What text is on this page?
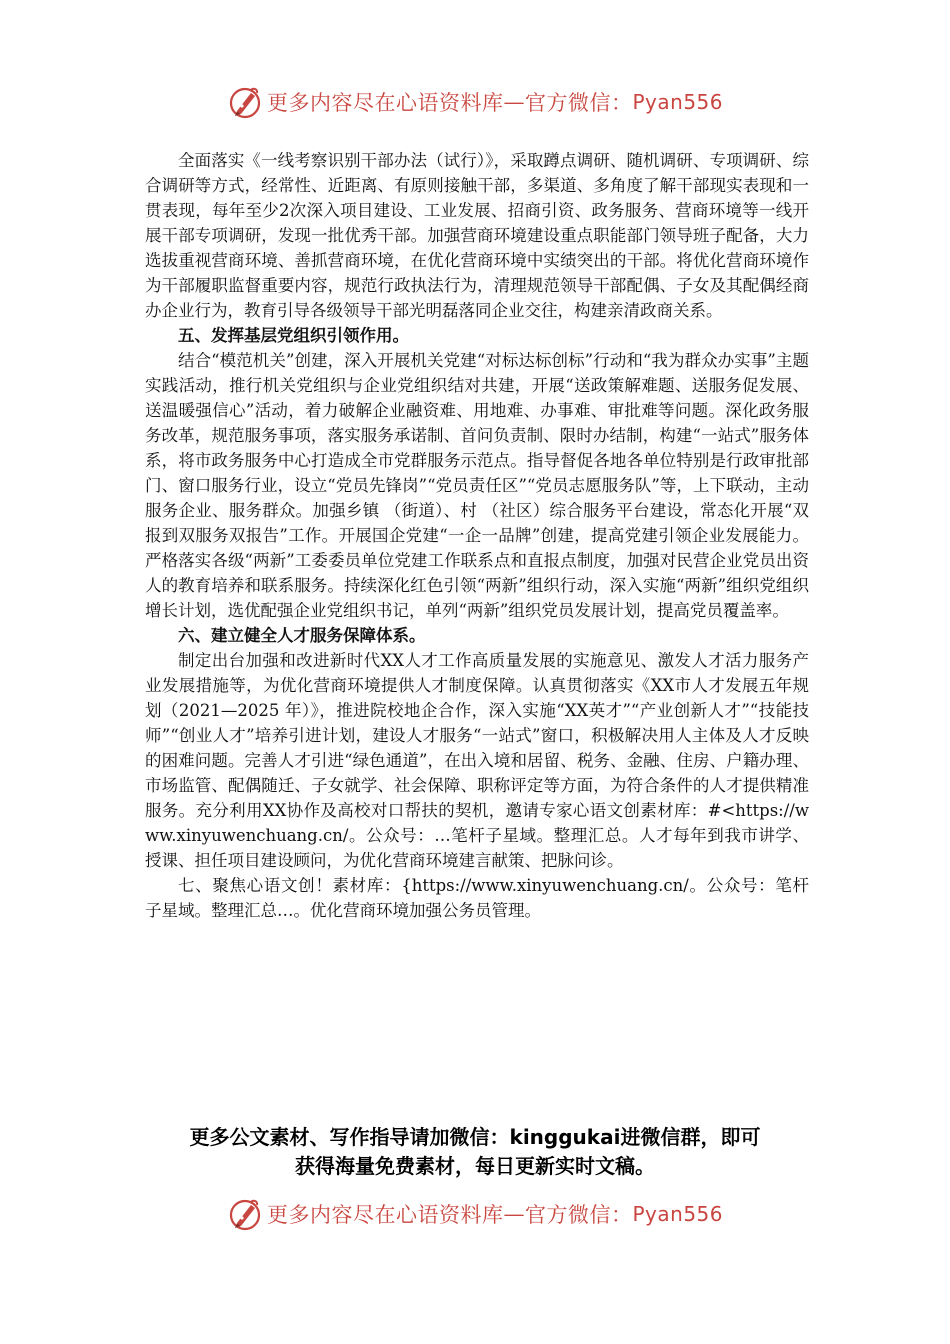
更多内容尽在心语资料库 — 官方微信： Pyan556

全面落实《一线考察识别干部办法（试行）》，采取蹲点调研、随机调研、专项调研、综合调研等方式，经常性、近距离、有原则接触干部，多渠道、多角度了解干部现实表现和一贯表现，每年至少2次深入项目建设、工业发展、招商引资、政务服务、营商环境等一线开展干部专项调研，发现一批优秀干部。加强营商环境建设重点职能部门领导班子配备，大力选拔重视营商环境、善抓营商环境，在优化营商环境中实绩突出的干部。将优化营商环境作为干部履职监督重要内容，规范行政执法行为，清理规范领导干部配偶、子女及其配偶经商办企业行为，教育引导各级领导干部光明磊落同企业交往，构建亲清政商关系。

五、发挥基层党组织引领作用。

结合“模范机关”创建，深入开展机关党建“对标达标创标”行动和“我为群众办实事”主题实践活动，推行机关党组织与企业党组织结对共建，开展“送政策解难题、送服务促发展、送温暖强信心”活动，着力破解企业融资难、用地难、办事难、审批难等问题。深化政务服务改革，规范服务事项，落实服务承诺制、首问负责制、限时办结制，构建“一站式”服务体系，将市政务服务中心打造成全市党群服务示范点。指导督促各地各单位特别是行政审批部门、窗口服务行业，设立“党员先锋岗”“党员责任区”“党员志愿服务队”等，上下联动，主动服务企业、服务群众。加强乡镇 （街道）、村 （社区）综合服务平台建设，常态化开展“双报到双服务双报告”工作。开展国企党建“一企一品牌”创建，提高党建引领企业发展能力。严格落实各级“两新”工委委员单位党建工作联系点和直报点制度，加强对民营企业党员出资人的教育培养和联系服务。持续深化红色引领“两新”组织行动，深入实施“两新”组织党组织增长计划，选优配强企业党组织书记，单列“两新”组织党员发展计划，提高党员覆盖率。

六、建立健全人才服务保障体系。

制定出台加强和改进新时代XX人才工作高质量发展的实施意见、激发人才活力服务产业发展措施等，为优化营商环境提供人才制度保障。认真贯彻落实《XX市人才发展五年规划（2021—2025 年）》，推进院校地企合作，深入实施“XX英才”“产业创新人才”“技能技师”“创业人才”培养引进计划，建设人才服务“一站式”窗口，积极解决用人主体及人才反映的困难问题。完善人才引进“绿色通道”，在出入境和居留、税务、金融、住房、户籍办理、市场监管、配偶随迁、子女就学、社会保障、职称评定等方面，为符合条件的人才提供精准服务。充分利用XX协作及高校对口帮扶的契机，邀请专家心语文创素材库：#<https://www.xinyuwenchuang.cn/。公众号：…笔杆子星域。整理汇总。人才每年到我市讲学、授课、担任项目建设顾问，为优化营商环境建言献策、把脉问诊。

七、聚焦心语文创！素材库：{https://www.xinyuwenchuang.cn/。公众号：笔杆子星域。整理汇总…。优化营商环境加强公务员管理。

更多公文素材、写作指导请加微信：kinggukai进微信群，即可
获得海量免费素材，每日更新实时文稿。
更多内容尽在心语资料库 — 官方微信： Pyan556
